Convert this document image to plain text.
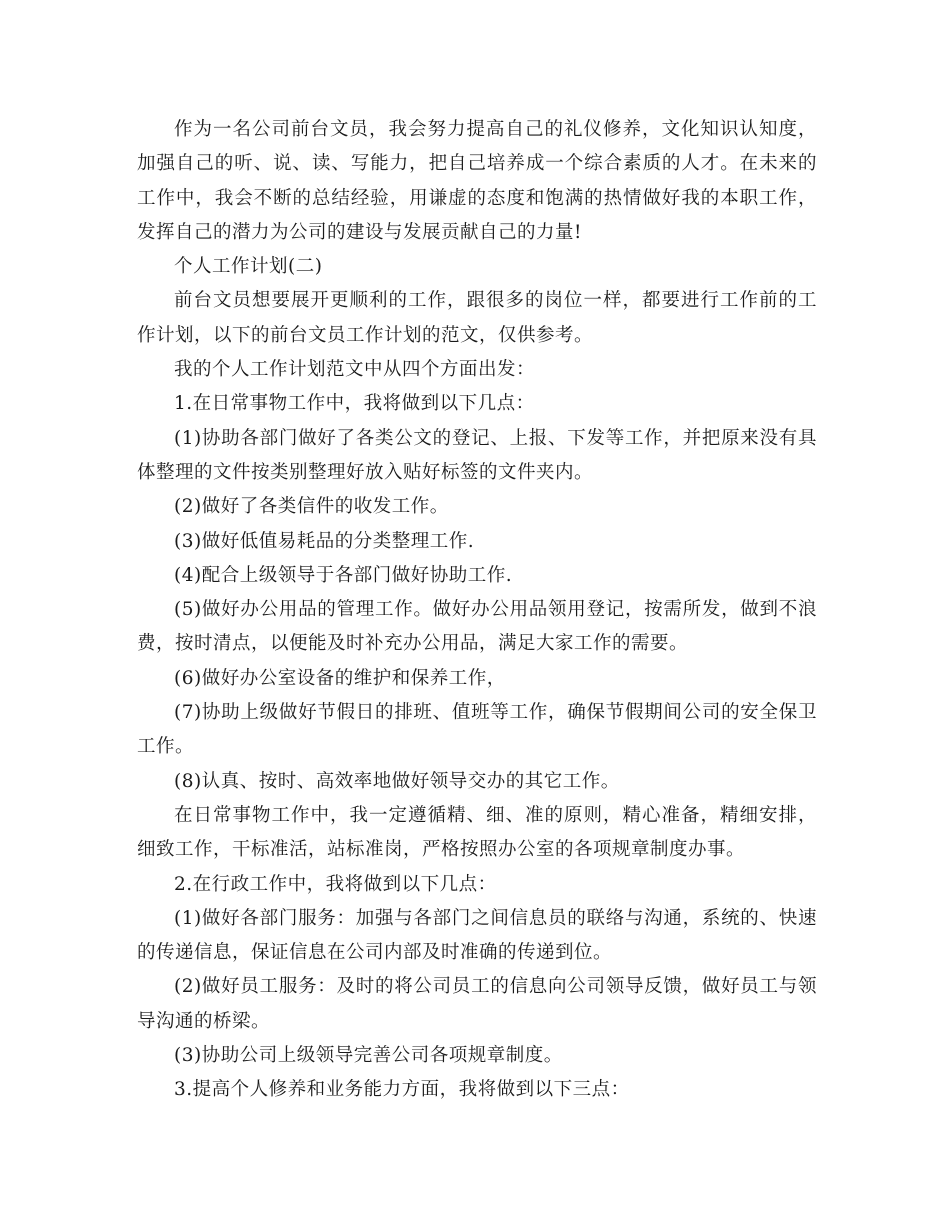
作为一名公司前台文员，我会努力提高自己的礼仪修养，文化知识认知度，加强自己的听、说、读、写能力，把自己培养成一个综合素质的人才。在未来的工作中，我会不断的总结经验，用谦虚的态度和饱满的热情做好我的本职工作，发挥自己的潜力为公司的建设与发展贡献自己的力量!

个人工作计划(二)

前台文员想要展开更顺利的工作，跟很多的岗位一样，都要进行工作前的工作计划，以下的前台文员工作计划的范文，仅供参考。

我的个人工作计划范文中从四个方面出发：

1.在日常事物工作中，我将做到以下几点：

(1)协助各部门做好了各类公文的登记、上报、下发等工作，并把原来没有具体整理的文件按类别整理好放入贴好标签的文件夹内。

(2)做好了各类信件的收发工作。

(3)做好低值易耗品的分类整理工作.

(4)配合上级领导于各部门做好协助工作.

(5)做好办公用品的管理工作。做好办公用品领用登记，按需所发，做到不浪费，按时清点，以便能及时补充办公用品，满足大家工作的需要。

(6)做好办公室设备的维护和保养工作，

(7)协助上级做好节假日的排班、值班等工作，确保节假期间公司的安全保卫工作。

(8)认真、按时、高效率地做好领导交办的其它工作。

在日常事物工作中，我一定遵循精、细、准的原则，精心准备，精细安排，细致工作，干标准活，站标准岗，严格按照办公室的各项规章制度办事。

2.在行政工作中，我将做到以下几点：

(1)做好各部门服务：加强与各部门之间信息员的联络与沟通，系统的、快速的传递信息，保证信息在公司内部及时准确的传递到位。

(2)做好员工服务：及时的将公司员工的信息向公司领导反馈，做好员工与领导沟通的桥梁。

(3)协助公司上级领导完善公司各项规章制度。

3.提高个人修养和业务能力方面，我将做到以下三点：
